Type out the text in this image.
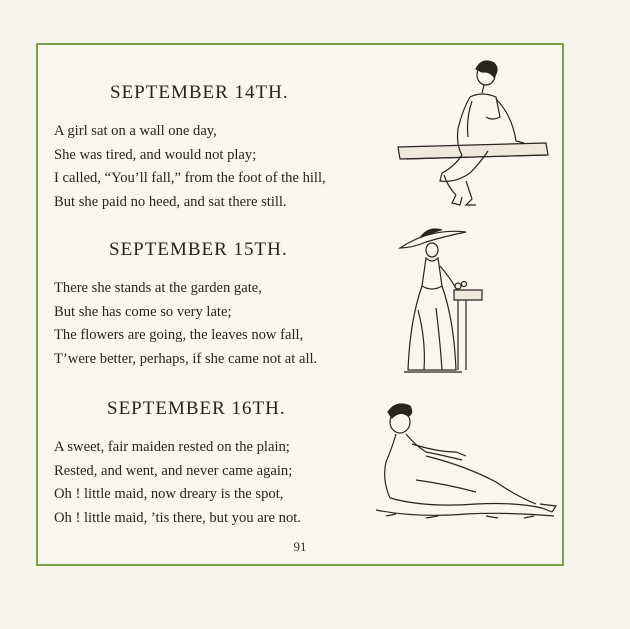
SEPTEMBER 14TH.
A girl sat on a wall one day,
She was tired, and would not play;
I called, “You’ll fall,” from the foot of the hill,
But she paid no heed, and sat there still.
SEPTEMBER 15TH.
There she stands at the garden gate,
But she has come so very late;
The flowers are going, the leaves now fall,
T’were better, perhaps, if she came not at all.
SEPTEMBER 16TH.
A sweet, fair maiden rested on the plain;
Rested, and went, and never came again;
Oh ! little maid, now dreary is the spot,
Oh ! little maid, ’tis there, but you are not.
91
